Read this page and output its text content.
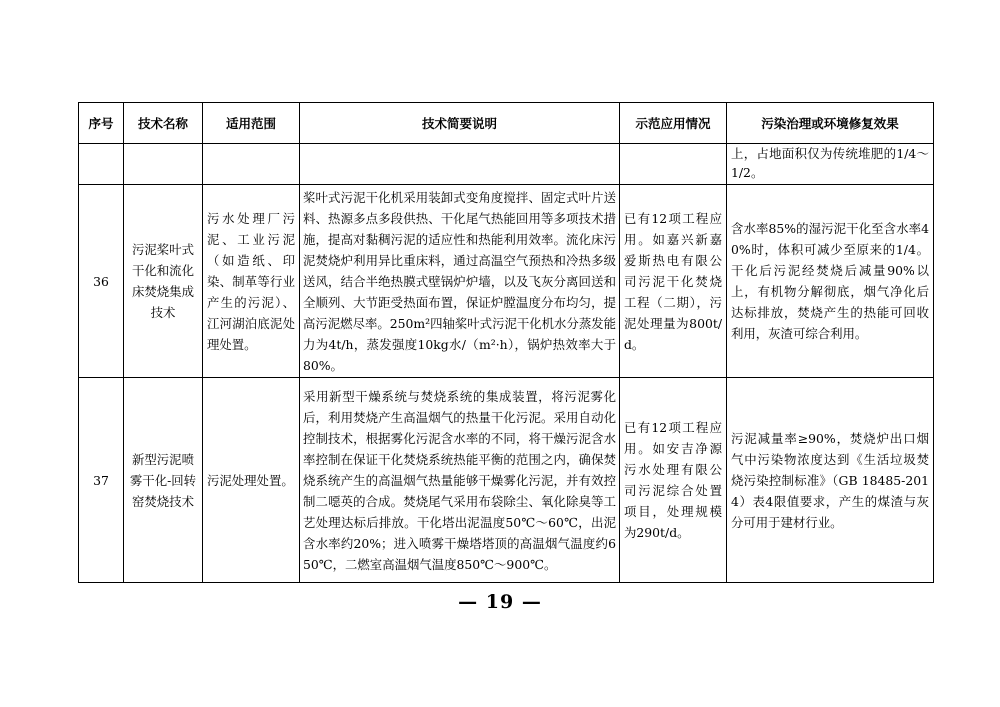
序号	技术名称	适用范围	技术简要说明	示范应用情况	污染治理或环境修复效果
					上，占地面积仅为传统堆肥的1/4～1/2。
36	污泥桨叶式干化和流化床焚烧集成技术	污水处理厂污泥、工业污泥（如造纸、印染、制革等行业产生的污泥）、江河湖泊底泥处理处置。	桨叶式污泥干化机采用装卸式变角度搅拌、固定式叶片送料、热源多点多段供热、干化尾气热能回用等多项技术措施，提高对黏稠污泥的适应性和热能利用效率。流化床污泥焚烧炉利用异比重床料，通过高温空气预热和冷热多级送风，结合半绝热膜式壁锅炉炉墙，以及飞灰分离回送和全顺列、大节距受热面布置，保证炉膛温度分布均匀，提高污泥燃尽率。250m²四轴桨叶式污泥干化机水分蒸发能力为4t/h，蒸发强度10kg水/（m²·h），锅炉热效率大于80%。	已有12项工程应用。如嘉兴新嘉爱斯热电有限公司污泥干化焚烧工程（二期），污泥处理量为800t/d。	含水率85%的湿污泥干化至含水率40%时，体积可减少至原来的1/4。干化后污泥经焚烧后减量90%以上，有机物分解彻底，烟气净化后达标排放，焚烧产生的热能可回收利用，灰渣可综合利用。
37	新型污泥喷雾干化-回转窑焚烧技术	污泥处理处置。	采用新型干燥系统与焚烧系统的集成装置，将污泥雾化后，利用焚烧产生高温烟气的热量干化污泥。采用自动化控制技术，根据雾化污泥含水率的不同，将干燥污泥含水率控制在保证干化焚烧系统热能平衡的范围之内，确保焚烧系统产生的高温烟气热量能够干燥雾化污泥，并有效控制二噁英的合成。焚烧尾气采用布袋除尘、氧化除臭等工艺处理达标后排放。干化塔出泥温度50℃～60℃，出泥含水率约20%；进入喷雾干燥塔塔顶的高温烟气温度约650℃，二燃室高温烟气温度850℃～900℃。	已有12项工程应用。如安吉净源污水处理有限公司污泥综合处置项目，处理规模为290t/d。	污泥减量率≥90%，焚烧炉出口烟气中污染物浓度达到《生活垃圾焚烧污染控制标准》（GB 18485-2014）表4限值要求，产生的煤渣与灰分可用于建材行业。
— 19 —
